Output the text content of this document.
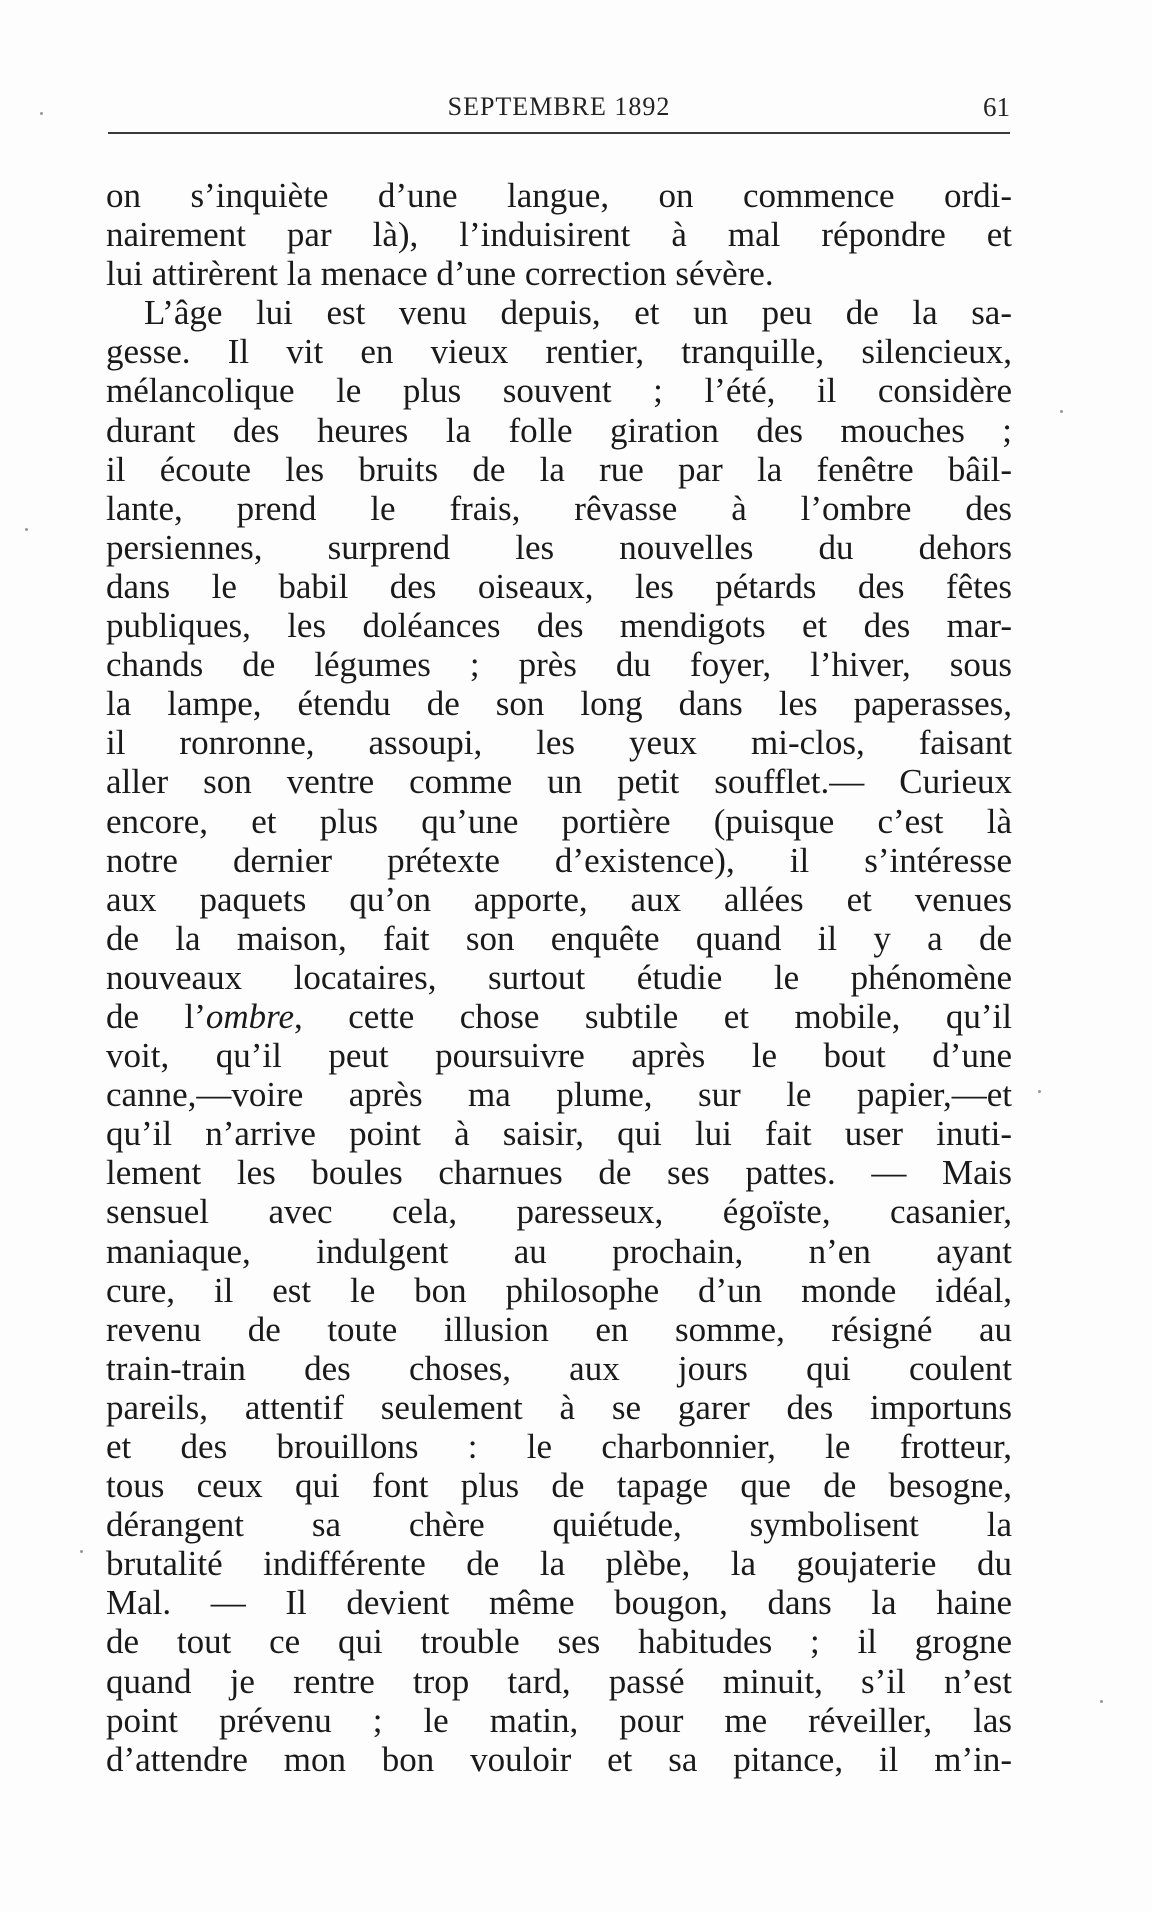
SEPTEMBRE 1892	61
on s’inquiète d’une langue, on commence ordi-
nairement par là), l’induisirent à mal répondre et
lui attirèrent la menace d’une correction sévère.
L’âge lui est venu depuis, et un peu de la sa-
gesse. Il vit en vieux rentier, tranquille, silencieux,
mélancolique le plus souvent ; l’été, il considère
durant des heures la folle giration des mouches ;
il écoute les bruits de la rue par la fenêtre bâil-
lante, prend le frais, rêvasse à l’ombre des
persiennes, surprend les nouvelles du dehors
dans le babil des oiseaux, les pétards des fêtes
publiques, les doléances des mendigots et des mar-
chands de légumes ; près du foyer, l’hiver, sous
la lampe, étendu de son long dans les paperasses,
il ronronne, assoupi, les yeux mi-clos, faisant
aller son ventre comme un petit soufflet.— Curieux
encore, et plus qu’une portière (puisque c’est là
notre dernier prétexte d’existence), il s’intéresse
aux paquets qu’on apporte, aux allées et venues
de la maison, fait son enquête quand il y a de
nouveaux locataires, surtout étudie le phénomène
de l’ombre, cette chose subtile et mobile, qu’il
voit, qu’il peut poursuivre après le bout d’une
canne,—voire après ma plume, sur le papier,—et
qu’il n’arrive point à saisir, qui lui fait user inuti-
lement les boules charnues de ses pattes. — Mais
sensuel avec cela, paresseux, égoïste, casanier,
maniaque, indulgent au prochain, n’en ayant
cure, il est le bon philosophe d’un monde idéal,
revenu de toute illusion en somme, résigné au
train-train des choses, aux jours qui coulent
pareils, attentif seulement à se garer des importuns
et des brouillons : le charbonnier, le frotteur,
tous ceux qui font plus de tapage que de besogne,
dérangent sa chère quiétude, symbolisent la
brutalité indifférente de la plèbe, la goujaterie du
Mal. — Il devient même bougon, dans la haine
de tout ce qui trouble ses habitudes ; il grogne
quand je rentre trop tard, passé minuit, s’il n’est
point prévenu ; le matin, pour me réveiller, las
d’attendre mon bon vouloir et sa pitance, il m’in-
